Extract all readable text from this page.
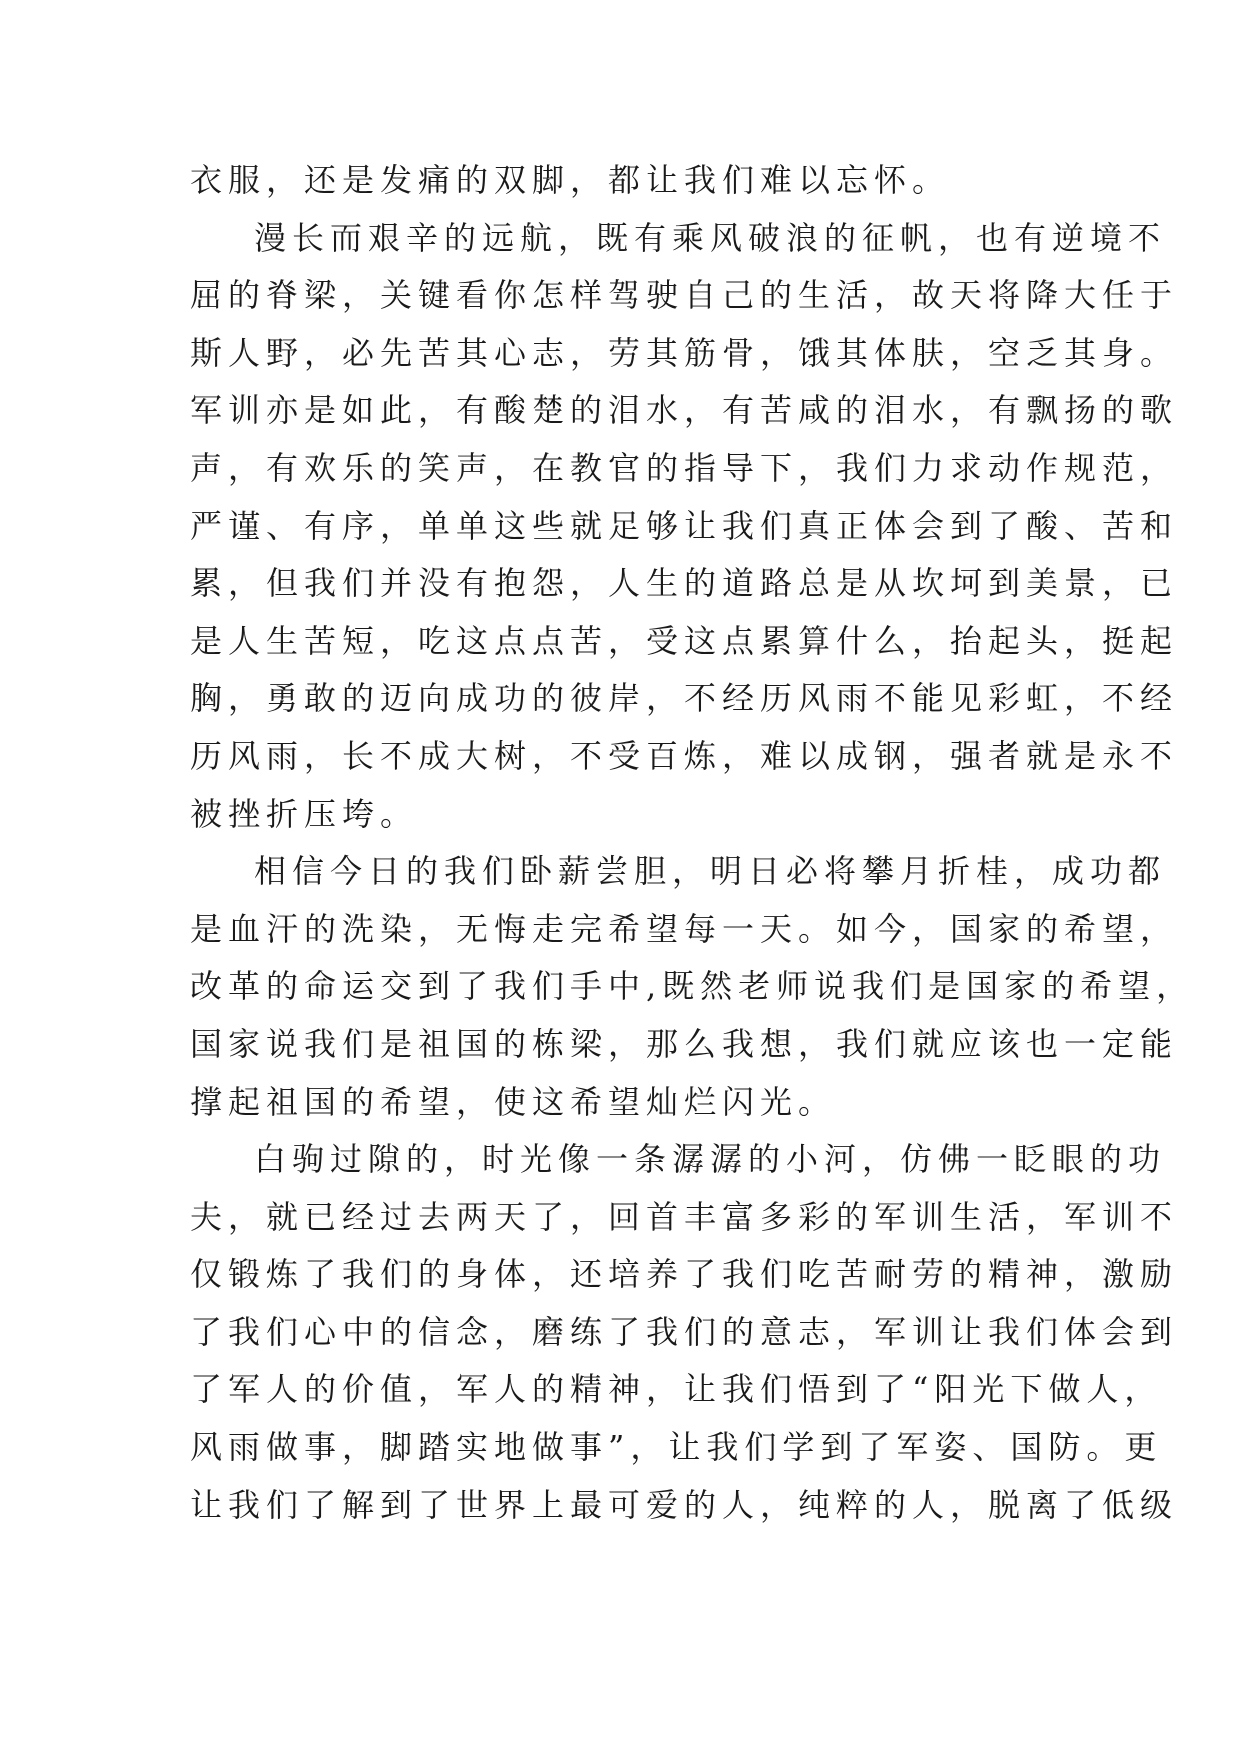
衣服，还是发痛的双脚，都让我们难以忘怀。
漫长而艰辛的远航，既有乘风破浪的征帆，也有逆境不
屈的脊梁，关键看你怎样驾驶自己的生活，故天将降大任于
斯人野，必先苦其心志，劳其筋骨，饿其体肤，空乏其身。
军训亦是如此，有酸楚的泪水，有苦咸的泪水，有飘扬的歌
声，有欢乐的笑声，在教官的指导下，我们力求动作规范，
严谨、有序，单单这些就足够让我们真正体会到了酸、苦和
累，但我们并没有抱怨，人生的道路总是从坎坷到美景，已
是人生苦短，吃这点点苦，受这点累算什么，抬起头，挺起
胸，勇敢的迈向成功的彼岸，不经历风雨不能见彩虹，不经
历风雨，长不成大树，不受百炼，难以成钢，强者就是永不
被挫折压垮。
相信今日的我们卧薪尝胆，明日必将攀月折桂，成功都
是血汗的洗染，无悔走完希望每一天。如今，国家的希望，
改革的命运交到了我们手中,既然老师说我们是国家的希望，
国家说我们是祖国的栋梁，那么我想，我们就应该也一定能
撑起祖国的希望，使这希望灿烂闪光。
白驹过隙的，时光像一条潺潺的小河，仿佛一眨眼的功
夫，就已经过去两天了，回首丰富多彩的军训生活，军训不
仅锻炼了我们的身体，还培养了我们吃苦耐劳的精神，激励
了我们心中的信念，磨练了我们的意志，军训让我们体会到
了军人的价值，军人的精神，让我们悟到了“阳光下做人，
风雨做事，脚踏实地做事”，让我们学到了军姿、国防。更
让我们了解到了世界上最可爱的人，纯粹的人，脱离了低级
